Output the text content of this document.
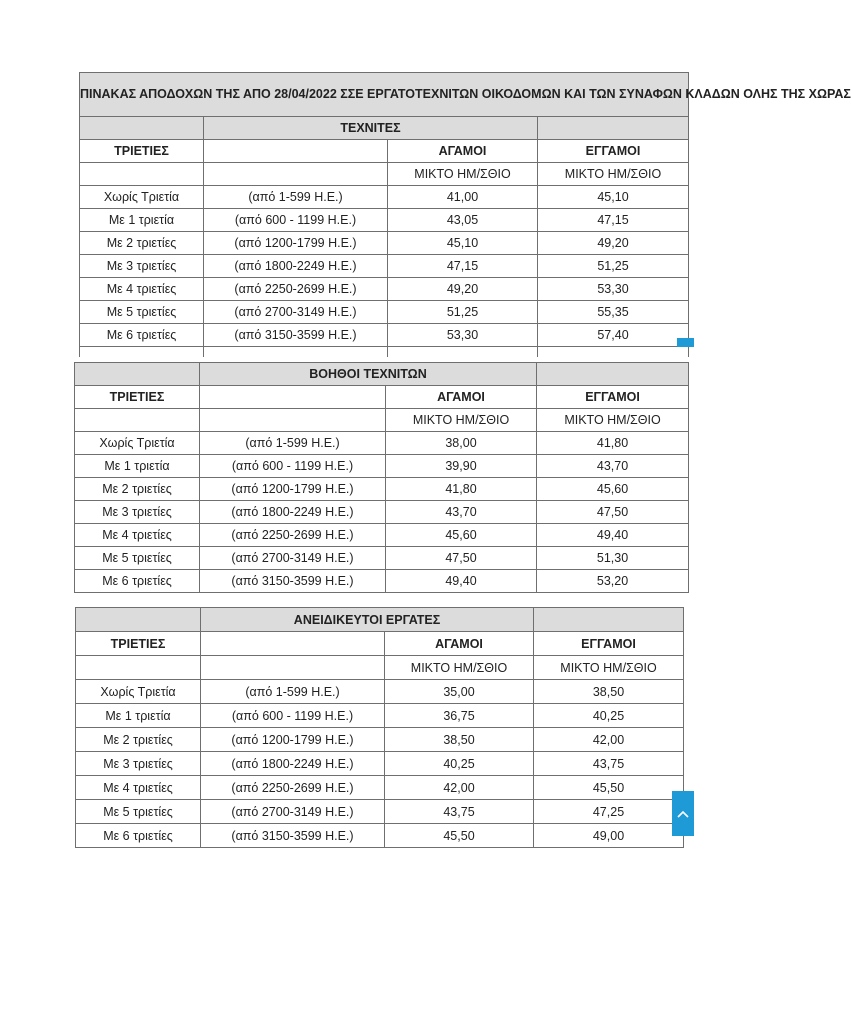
ΠΙΝΑΚΑΣ ΑΠΟΔΟΧΩΝ ΤΗΣ ΑΠΟ 28/04/2022 ΣΣΕ ΕΡΓΑΤΟΤΕΧΝΙΤΩΝ ΟΙΚΟΔΟΜΩΝ ΚΑΙ ΤΩΝ ΣΥΝΑΦΩΝ ΚΛΑΔΩΝ ΟΛΗΣ ΤΗΣ ΧΩΡΑΣ			
	ΤΕΧΝΙΤΕΣ		
ΤΡΙΕΤΙΕΣ		ΑΓΑΜΟΙ	ΕΓΓΑΜΟΙ
		ΜΙΚΤΟ ΗΜ/ΣΘΙΟ	ΜΙΚΤΟ ΗΜ/ΣΘΙΟ
Χωρίς Τριετία	(από 1-599 Η.Ε.)	41,00	45,10
Με 1 τριετία	(από 600 - 1199 Η.Ε.)	43,05	47,15
Με 2 τριετίες	(από 1200-1799 Η.Ε.)	45,10	49,20
Με 3 τριετίες	(από 1800-2249 Η.Ε.)	47,15	51,25
Με 4 τριετίες	(από 2250-2699 Η.Ε.)	49,20	53,30
Με 5 τριετίες	(από 2700-3149 Η.Ε.)	51,25	55,35
Με 6 τριετίες	(από 3150-3599 Η.Ε.)	53,30	57,40

	ΒΟΗΘΟΙ ΤΕΧΝΙΤΩΝ		
ΤΡΙΕΤΙΕΣ		ΑΓΑΜΟΙ	ΕΓΓΑΜΟΙ
		ΜΙΚΤΟ ΗΜ/ΣΘΙΟ	ΜΙΚΤΟ ΗΜ/ΣΘΙΟ
Χωρίς Τριετία	(από 1-599 Η.Ε.)	38,00	41,80
Με 1 τριετία	(από 600 - 1199 Η.Ε.)	39,90	43,70
Με 2 τριετίες	(από 1200-1799 Η.Ε.)	41,80	45,60
Με 3 τριετίες	(από 1800-2249 Η.Ε.)	43,70	47,50
Με 4 τριετίες	(από 2250-2699 Η.Ε.)	45,60	49,40
Με 5 τριετίες	(από 2700-3149 Η.Ε.)	47,50	51,30
Με 6 τριετίες	(από 3150-3599 Η.Ε.)	49,40	53,20
	ΑΝΕΙΔΙΚΕΥΤΟΙ ΕΡΓΑΤΕΣ		
ΤΡΙΕΤΙΕΣ		ΑΓΑΜΟΙ	ΕΓΓΑΜΟΙ
		ΜΙΚΤΟ ΗΜ/ΣΘΙΟ	ΜΙΚΤΟ ΗΜ/ΣΘΙΟ
Χωρίς Τριετία	(από 1-599 Η.Ε.)	35,00	38,50
Με 1 τριετία	(από 600 - 1199 Η.Ε.)	36,75	40,25
Με 2 τριετίες	(από 1200-1799 Η.Ε.)	38,50	42,00
Με 3 τριετίες	(από 1800-2249 Η.Ε.)	40,25	43,75
Με 4 τριετίες	(από 2250-2699 Η.Ε.)	42,00	45,50
Με 5 τριετίες	(από 2700-3149 Η.Ε.)	43,75	47,25
Με 6 τριετίες	(από 3150-3599 Η.Ε.)	45,50	49,00
